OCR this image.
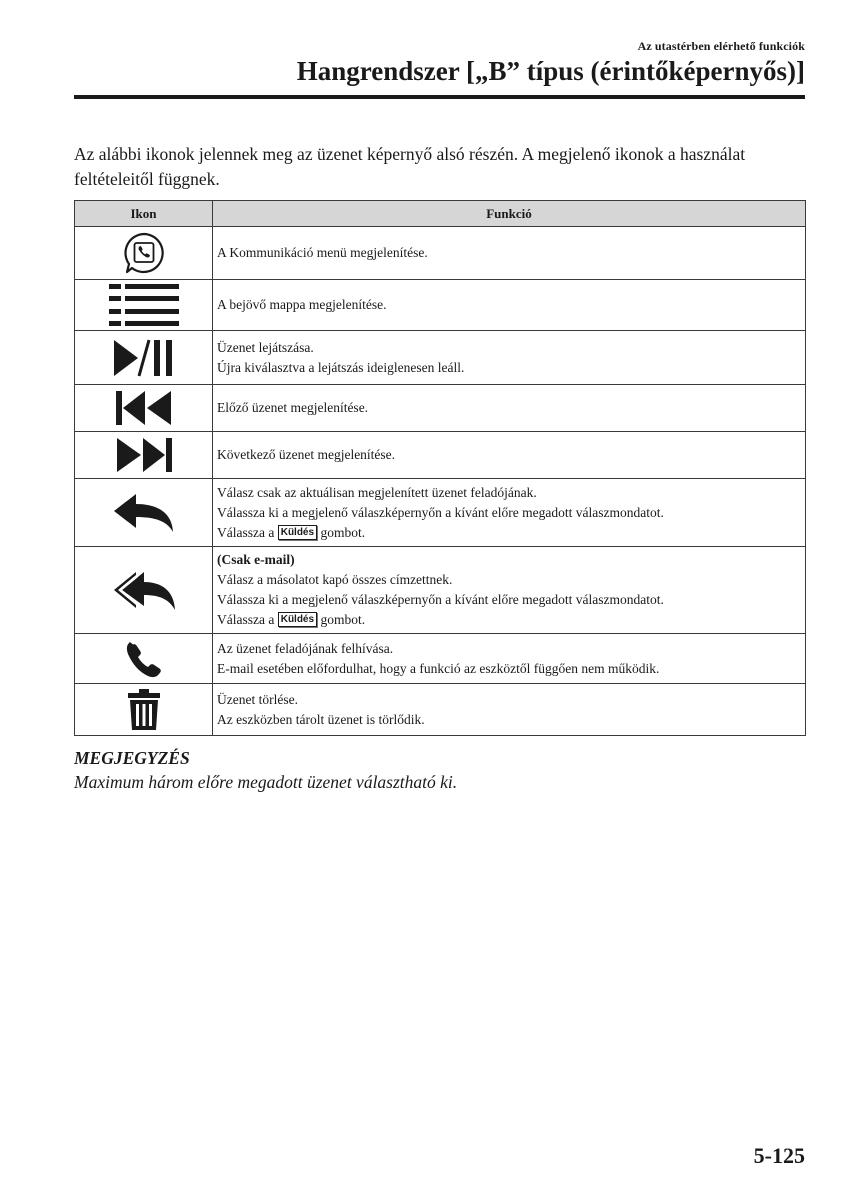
Az utastérben elérhető funkciók
Hangrendszer [„B” típus (érintőképernyős)]

Az alábbi ikonok jelennek meg az üzenet képernyő alsó részén. A megjelenő ikonok a használat feltételeitől függnek.

Ikon	Funkció

A Kommunikáció menü megjelenítése.

A bejövő mappa megjelenítése.

Üzenet lejátszása.
Újra kiválasztva a lejátszás ideiglenesen leáll.

Előző üzenet megjelenítése.

Következő üzenet megjelenítése.

Válasz csak az aktuálisan megjelenített üzenet feladójának.
Válassza ki a megjelenő válaszképernyőn a kívánt előre megadott válaszmondatot.
Válassza a Küldés gombot.

(Csak e-mail)
Válasz a másolatot kapó összes címzettnek.
Válassza ki a megjelenő válaszképernyőn a kívánt előre megadott válaszmondatot.
Válassza a Küldés gombot.

Az üzenet feladójának felhívása.
E-mail esetében előfordulhat, hogy a funkció az eszköztől függően nem működik.

Üzenet törlése.
Az eszközben tárolt üzenet is törlődik.

MEGJEGYZÉS

Maximum három előre megadott üzenet választható ki.

5-125
